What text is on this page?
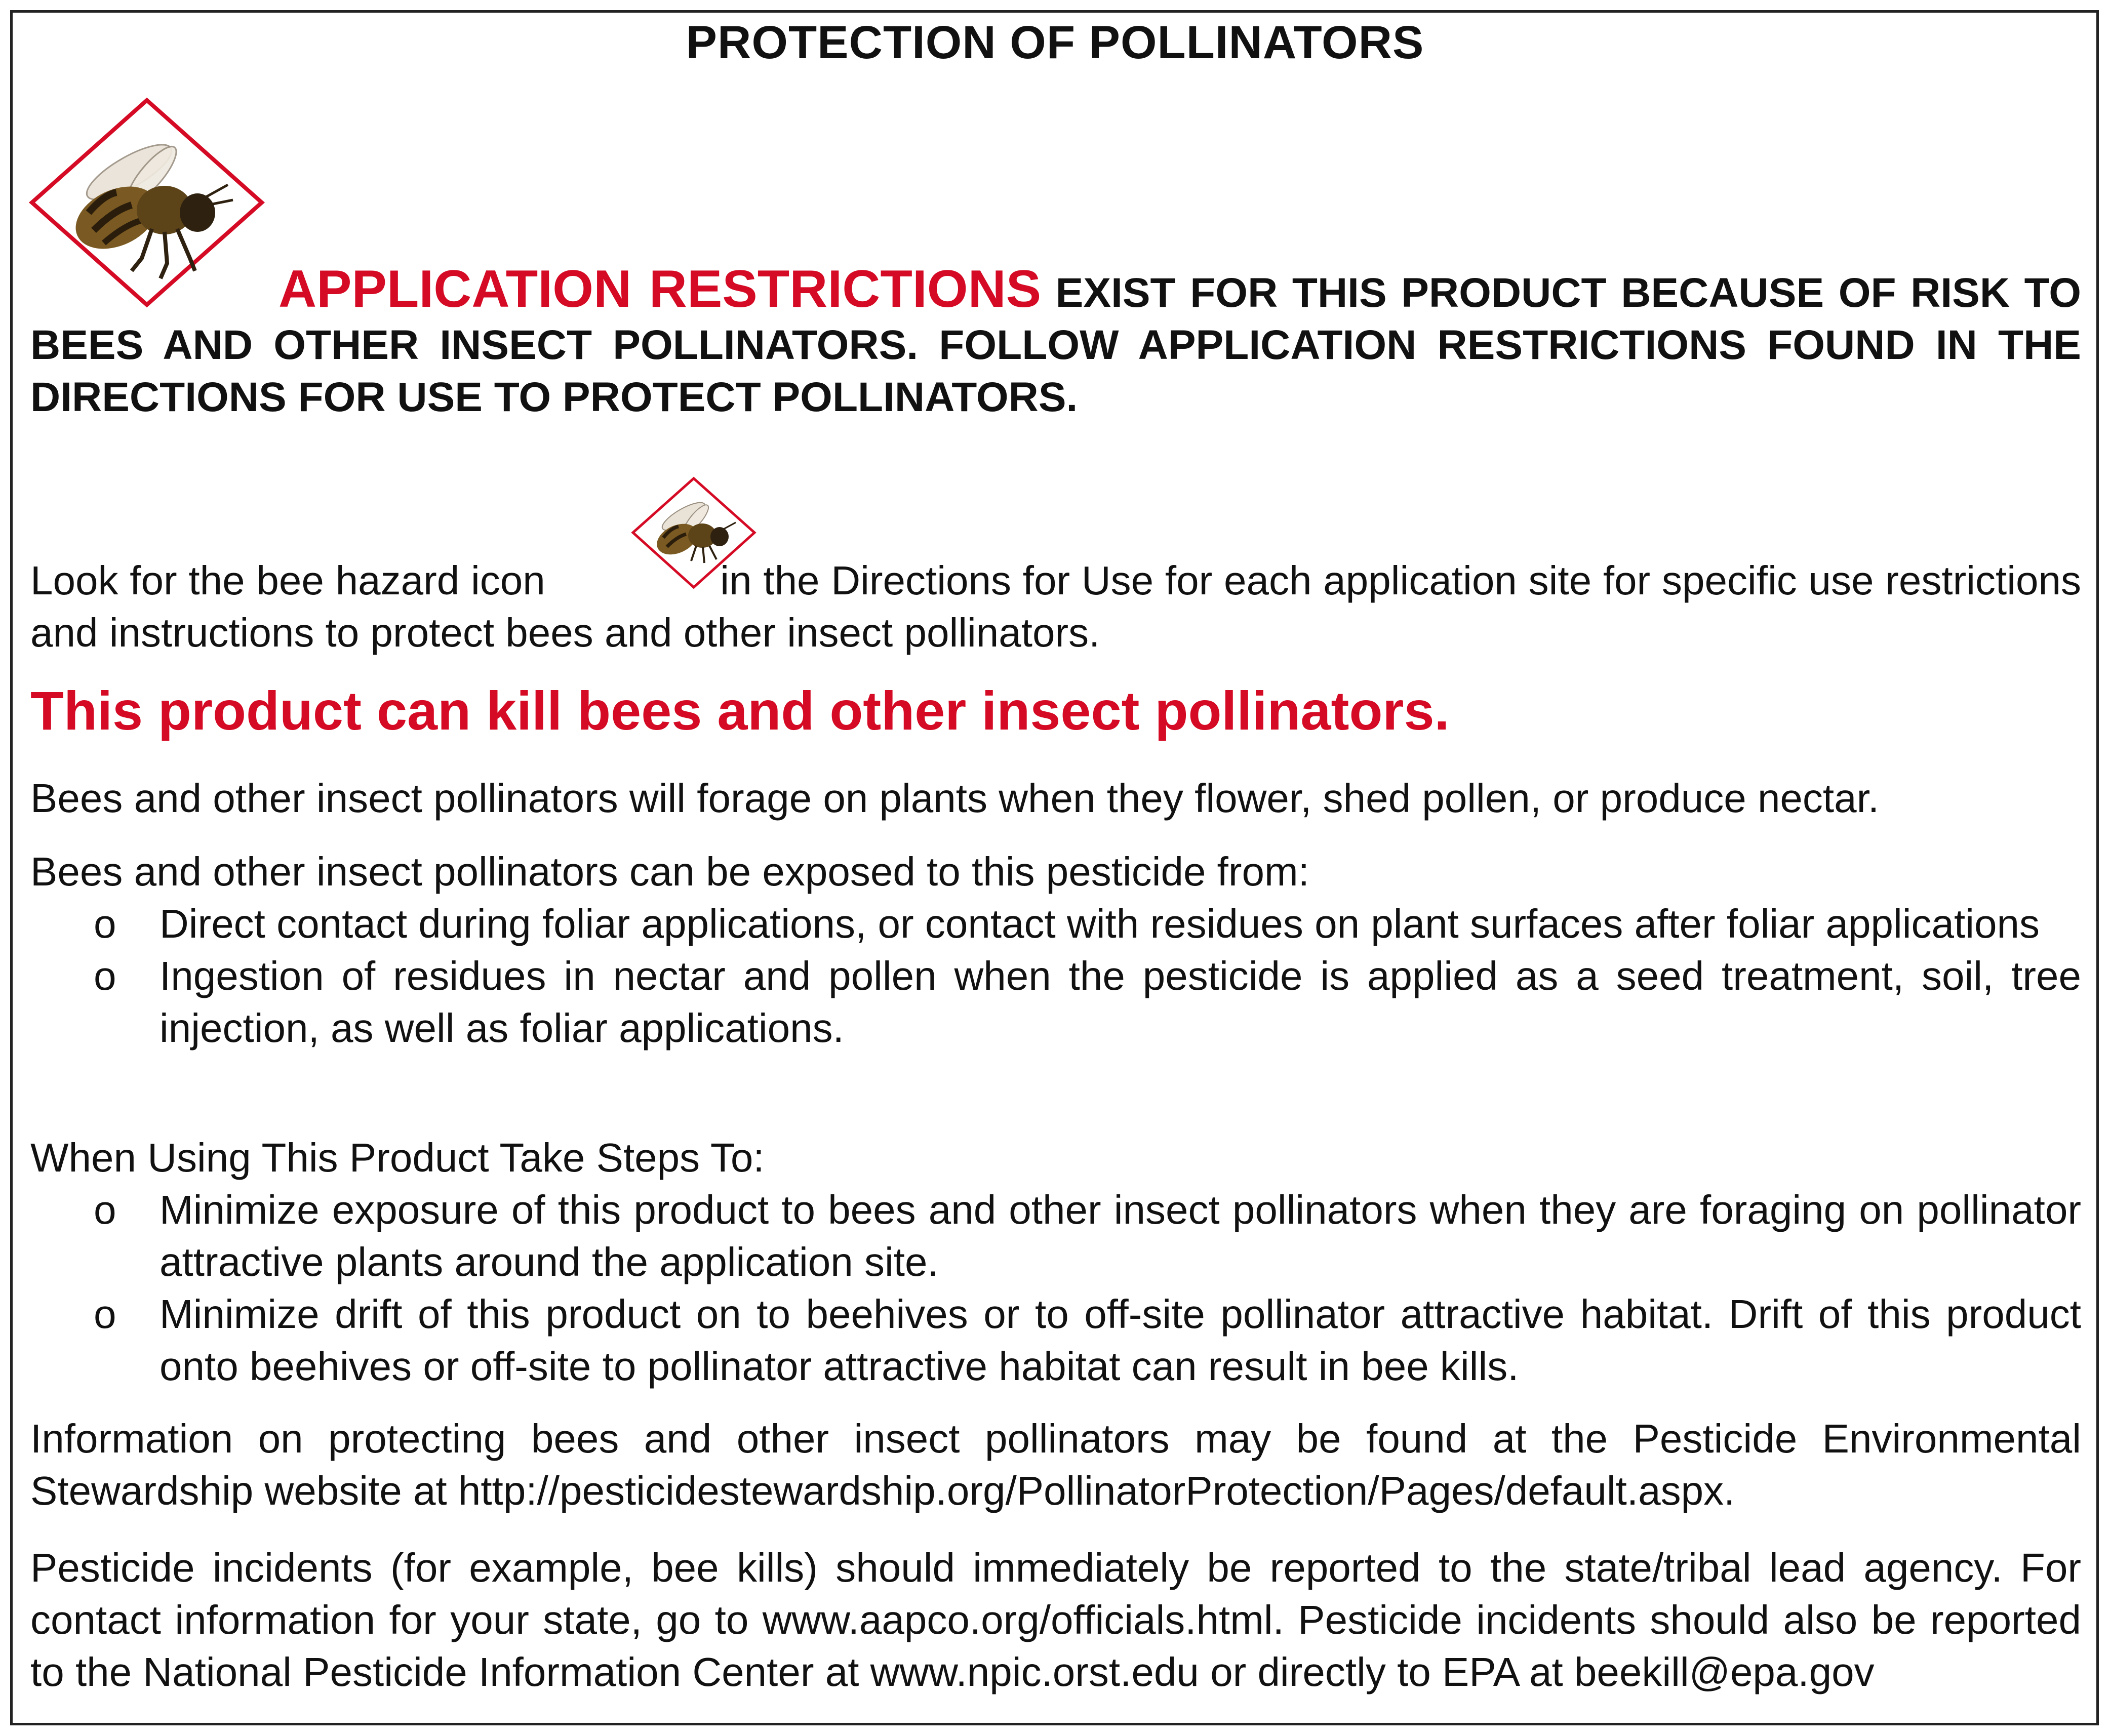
PROTECTION OF POLLINATORS
APPLICATION RESTRICTIONS EXIST FOR THIS PRODUCT BECAUSE OF RISK TO BEES AND OTHER INSECT POLLINATORS. FOLLOW APPLICATION RESTRICTIONS FOUND IN THE DIRECTIONS FOR USE TO PROTECT POLLINATORS.
Look for the bee hazard icon	in the Directions for Use for each application site for specific use restrictions and instructions to protect bees and other insect pollinators.
This product can kill bees and other insect pollinators.
Bees and other insect pollinators will forage on plants when they flower, shed pollen, or produce nectar.
Bees and other insect pollinators can be exposed to this pesticide from:
o Direct contact during foliar applications, or contact with residues on plant surfaces after foliar applications
o Ingestion of residues in nectar and pollen when the pesticide is applied as a seed treatment, soil, tree injection, as well as foliar applications.
When Using This Product Take Steps To:
o Minimize exposure of this product to bees and other insect pollinators when they are foraging on pollinator attractive plants around the application site.
o Minimize drift of this product on to beehives or to off-site pollinator attractive habitat. Drift of this product onto beehives or off-site to pollinator attractive habitat can result in bee kills.
Information on protecting bees and other insect pollinators may be found at the Pesticide Environmental Stewardship website at http://pesticidestewardship.org/PollinatorProtection/Pages/default.aspx.
Pesticide incidents (for example, bee kills) should immediately be reported to the state/tribal lead agency. For contact information for your state, go to www.aapco.org/officials.html. Pesticide incidents should also be reported to the National Pesticide Information Center at www.npic.orst.edu or directly to EPA at beekill@epa.gov
